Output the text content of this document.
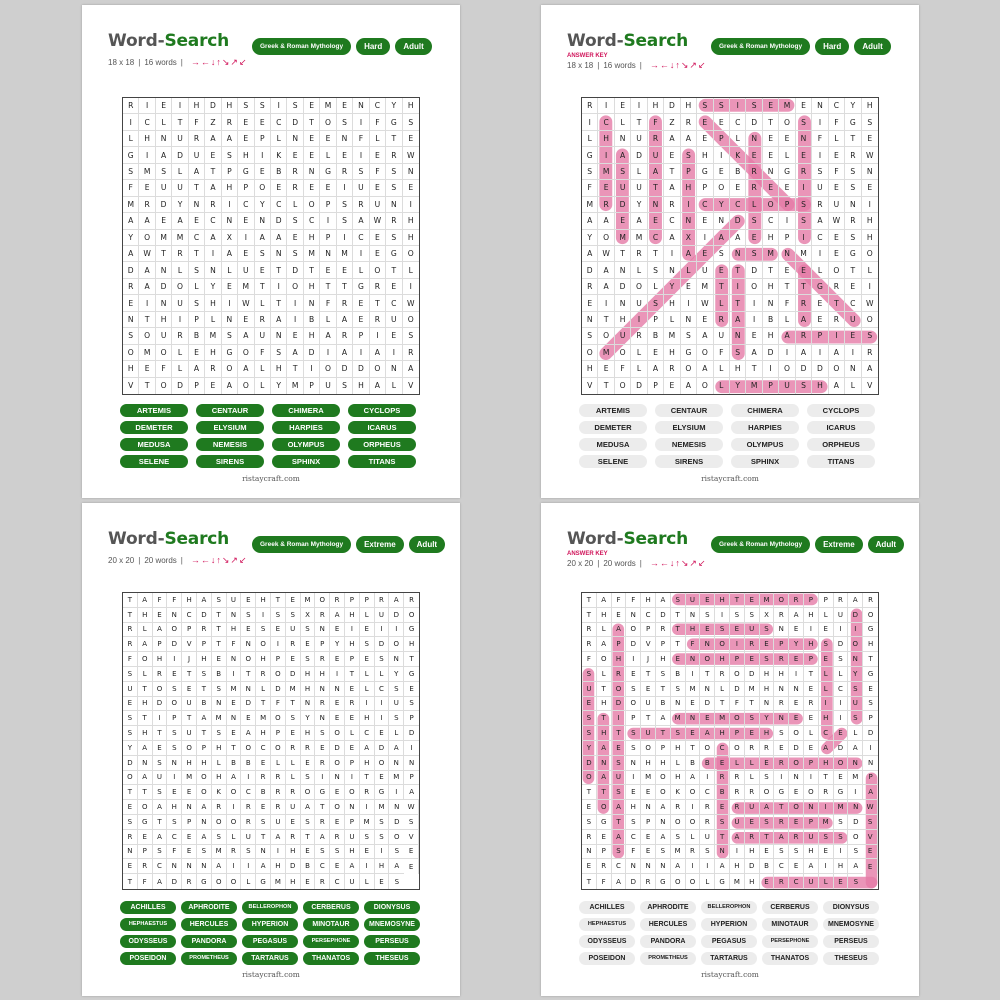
Word-Search	Greek & Roman Mythology	Hard	Adult
18 x 18 | 16 words | →←↓↑↘↗↙
R	I	E	I	H	D	H	S	S	I	S	E	M	E	N	C	Y	H
I	C	L	T	F	Z	R	E	E	C	D	T	O	S	I	F	G	S
L	H	N	U	R	A	A	E	P	L	N	E	E	N	F	L	T	E
G	I	A	D	U	E	S	H	I	K	E	E	L	E	I	E	R	W
S	M	S	L	A	T	P	G	E	B	R	N	G	R	S	F	S	N
F	E	U	U	T	A	H	P	O	E	R	E	E	I	U	E	S	E
M	R	D	Y	N	R	I	C	Y	C	L	O	P	S	R	U	N	I
A	A	E	A	E	C	N	E	N	D	S	C	I	S	A	W	R	H
Y	O	M	M	C	A	X	I	A	A	E	H	P	I	C	E	S	H
A	W	T	R	T	I	A	E	S	N	S	M	N	M	I	E	G	O
D	A	N	L	S	N	L	U	E	T	D	T	E	E	L	O	T	L
R	A	D	O	L	Y	E	M	T	I	O	H	T	T	G	R	E	I
E	I	N	U	S	H	I	W	L	T	I	N	F	R	E	T	C	W
N	T	H	I	P	L	N	E	R	A	I	B	L	A	E	R	U	O
S	O	U	R	B	M	S	A	U	N	E	H	A	R	P	I	E	S
O	M	O	L	E	H	G	O	F	S	A	D	I	A	I	A	I	R
H	E	F	L	A	R	O	A	L	H	T	I	O	D	D	O	N	A
V	T	O	D	P	E	A	O	L	Y	M	P	U	S	H	A	L	V
ARTEMIS	CENTAUR	CHIMERA	CYCLOPS
DEMETER	ELYSIUM	HARPIES	ICARUS
MEDUSA	NEMESIS	OLYMPUS	ORPHEUS
SELENE	SIRENS	SPHINX	TITANS
ristaycraft.com
Word-Search	Greek & Roman Mythology	Hard	Adult
ANSWER KEY
18 x 18 | 16 words | →←↓↑↘↗↙
R	I	E	I	H	D	H	S	S	I	S	E	M	E	N	C	Y	H
I	C	L	T	F	Z	R	E	E	C	D	T	O	S	I	F	G	S
L	H	N	U	R	A	A	E	P	L	N	E	E	N	F	L	T	E
G	I	A	D	U	E	S	H	I	K	E	E	L	E	I	E	R	W
S	M	S	L	A	T	P	G	E	B	R	N	G	R	S	F	S	N
F	E	U	U	T	A	H	P	O	E	R	E	E	I	U	E	S	E
M	R	D	Y	N	R	I	C	Y	C	L	O	P	S	R	U	N	I
A	A	E	A	E	C	N	E	N	D	S	C	I	S	A	W	R	H
Y	O	M	M	C	A	X	I	A	A	E	H	P	I	C	E	S	H
A	W	T	R	T	I	A	E	S	N	S	M	N	M	I	E	G	O
D	A	N	L	S	N	L	U	E	T	D	T	E	E	L	O	T	L
R	A	D	O	L	Y	E	M	T	I	O	H	T	T	G	R	E	I
E	I	N	U	S	H	I	W	L	T	I	N	F	R	E	T	C	W
N	T	H	I	P	L	N	E	R	A	I	B	L	A	E	R	U	O
S	O	U	R	B	M	S	A	U	N	E	H	A	R	P	I	E	S
O	M	O	L	E	H	G	O	F	S	A	D	I	A	I	A	I	R
H	E	F	L	A	R	O	A	L	H	T	I	O	D	D	O	N	A
V	T	O	D	P	E	A	O	L	Y	M	P	U	S	H	A	L	V
ARTEMIS	CENTAUR	CHIMERA	CYCLOPS
DEMETER	ELYSIUM	HARPIES	ICARUS
MEDUSA	NEMESIS	OLYMPUS	ORPHEUS
SELENE	SIRENS	SPHINX	TITANS
ristaycraft.com
Word-Search	Greek & Roman Mythology	Extreme	Adult
20 x 20 | 20 words | →←↓↑↘↗↙
T	A	F	F	H	A	S	U	E	H	T	E	M	O	R	P	P	R	A	R
T	H	E	N	C	D	T	N	S	I	S	S	X	R	A	H	L	U	D	O
R	L	A	O	P	R	T	H	E	S	E	U	S	N	E	I	E	I	I	G
R	A	P	D	V	P	T	F	N	O	I	R	E	P	Y	H	S	D	O	H
F	O	H	I	J	H	E	N	O	H	P	E	S	R	E	P	E	S	N	T
S	L	R	E	T	S	B	I	T	R	O	D	H	H	I	T	L	L	Y	G
U	T	O	S	E	T	S	M	N	L	D	M	H	N	N	E	L	C	S	E
E	H	D	O	U	B	N	E	D	T	F	T	N	R	E	R	I	I	U	S
S	T	I	P	T	A	M	N	E	M	O	S	Y	N	E	E	H	I	S	P
S	H	T	S	U	T	S	E	A	H	P	E	H	S	O	L	C	E	L	D
Y	A	E	S	O	P	H	T	O	C	O	R	R	E	D	E	A	D	A	I
D	N	S	N	H	H	L	B	B	E	L	L	E	R	O	P	H	O	N	N
O	A	U	I	M	O	H	A	I	R	R	L	S	I	N	I	T	E	M	P
T	T	S	E	E	O	K	O	C	B	R	R	O	G	E	O	R	G	I	A
E	O	A	H	N	A	R	I	R	E	R	U	A	T	O	N	I	M	N	W
S	G	T	S	P	N	O	O	R	S	U	E	S	R	E	P	M	S	D	S
R	E	A	C	E	A	S	L	U	T	A	R	T	A	R	U	S	S	O	V
N	P	S	F	E	S	M	R	S	N	I	H	E	S	S	H	E	I	S	E
E	R	C	N	N	N	A	I	I	A	H	D	B	C	E	A	I	H	A	E
T	F	A	D	R	G	O	O	L	G	M	H	E	R	C	U	L	E	S
ACHILLES	APHRODITE	BELLEROPHON	CERBERUS	DIONYSUS
HEPHAESTUS	HERCULES	HYPERION	MINOTAUR	MNEMOSYNE
ODYSSEUS	PANDORA	PEGASUS	PERSEPHONE	PERSEUS
POSEIDON	PROMETHEUS	TARTARUS	THANATOS	THESEUS
ristaycraft.com
Word-Search	Greek & Roman Mythology	Extreme	Adult
ANSWER KEY
20 x 20 | 20 words | →←↓↑↘↗↙
T	A	F	F	H	A	S	U	E	H	T	E	M	O	R	P	P	R	A	R
T	H	E	N	C	D	T	N	S	I	S	S	X	R	A	H	L	U	D	O
R	L	A	O	P	R	T	H	E	S	E	U	S	N	E	I	E	I	I	G
R	A	P	D	V	P	T	F	N	O	I	R	E	P	Y	H	S	D	O	H
F	O	H	I	J	H	E	N	O	H	P	E	S	R	E	P	E	S	N	T
S	L	R	E	T	S	B	I	T	R	O	D	H	H	I	T	L	L	Y	G
U	T	O	S	E	T	S	M	N	L	D	M	H	N	N	E	L	C	S	E
E	H	D	O	U	B	N	E	D	T	F	T	N	R	E	R	I	I	U	S
S	T	I	P	T	A	M	N	E	M	O	S	Y	N	E	E	H	I	S	P
S	H	T	S	U	T	S	E	A	H	P	E	H	S	O	L	C	E	L	D
Y	A	E	S	O	P	H	T	O	C	O	R	R	E	D	E	A	D	A	I
D	N	S	N	H	H	L	B	B	E	L	L	E	R	O	P	H	O	N	N
O	A	U	I	M	O	H	A	I	R	R	L	S	I	N	I	T	E	M	P
T	T	S	E	E	O	K	O	C	B	R	R	O	G	E	O	R	G	I	A
E	O	A	H	N	A	R	I	R	E	R	U	A	T	O	N	I	M	N	W
S	G	T	S	P	N	O	O	R	S	U	E	S	R	E	P	M	S	D	S
R	E	A	C	E	A	S	L	U	T	A	R	T	A	R	U	S	S	O	V
N	P	S	F	E	S	M	R	S	N	I	H	E	S	S	H	E	I	S	E
E	R	C	N	N	N	A	I	I	A	H	D	B	C	E	A	I	H	A	E
T	F	A	D	R	G	O	O	L	G	M	H	E	R	C	U	L	E	S
ACHILLES	APHRODITE	BELLEROPHON	CERBERUS	DIONYSUS
HEPHAESTUS	HERCULES	HYPERION	MINOTAUR	MNEMOSYNE
ODYSSEUS	PANDORA	PEGASUS	PERSEPHONE	PERSEUS
POSEIDON	PROMETHEUS	TARTARUS	THANATOS	THESEUS
ristaycraft.com
